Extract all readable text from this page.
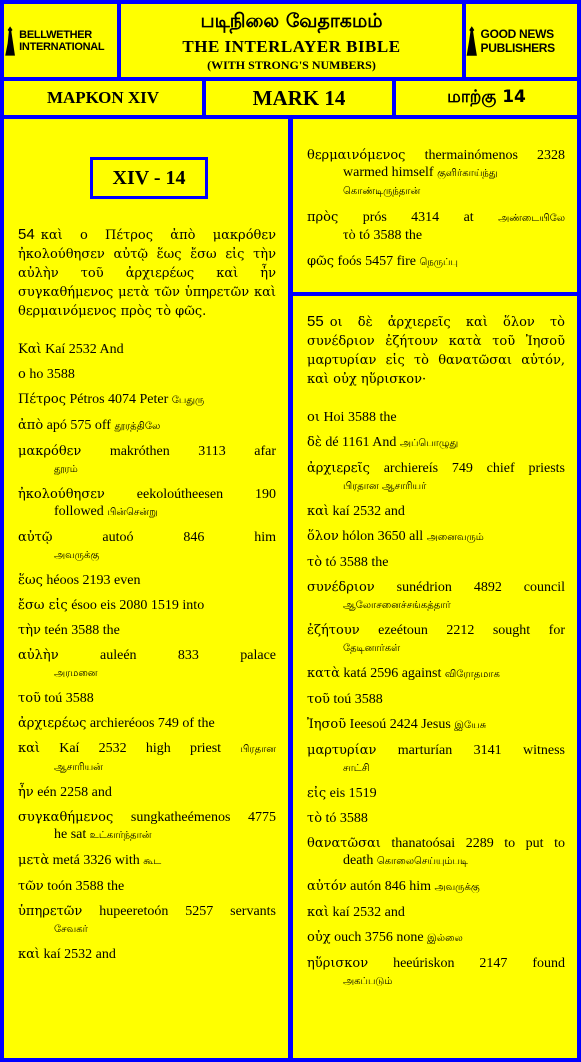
BELLWETHER INTERNATIONAL
படிநிலை வேதாகமம்
THE INTERLAYER BIBLE
(WITH STRONG'S NUMBERS)
GOOD NEWS PUBLISHERS
ΜΑΡΚΟΝ XIV	MARK 14	மாற்கு 14
XIV - 14
54 καὶ ο Πέτρος ἀπὸ μακρόθεν ἠκολούθησεν αὐτῷ ἕως ἔσω εἰς τὴν αὐλὴν τοῦ ἀρχιερέως καὶ ἦν συγκαθήμενος μετὰ τῶν ὑπηρετῶν καὶ θερμαινόμενος πρὸς τὸ φῶς.

Καὶ Kaí 2532 And

ο ho 3588

Πέτρος Pétros 4074 Peter பேதுரு

ἀπὸ apó 575 off தூரத்திலே

μακρόθεν makróthen 3113 afar

தூரம்

ἠκολούθησεν eekoloútheesen 190

followed பின்சென்று

αὐτῷ	autoó 846 him

அவருக்கு

ἕως héoos 2193 even

ἔσω εἰς ésoo eis 2080 1519 into

τὴν teén 3588 the

αὐλὴν	auleén 833 palace

அரமனை

τοῦ toú 3588

ἀρχιερέως archieréoos 749 of the

καὶ Kaí 2532 high priest பிரதான

ஆசாரியன்

ἦν eén 2258 and

συγκαθήμενος sungkatheémenos 4775

he sat உட்கார்ந்தான்

μετὰ metá 3326 with கூட

τῶν toón 3588 the

ὑπηρετῶν hupeeretoón 5257 servants

சேவகர்

καὶ kaí 2532 and

θερμαινόμενος thermainómenos 2328

warmed himself குளிர்காய்ந்து கொண்டிருந்தான்

πρὸς prós 4314 at அண்டையிலே

τὸ tó 3588 the

φῶς foós 5457 fire நெருப்பு

55 οι δὲ ἀρχιερεῖς καὶ ὅλον τὸ συνέδριον ἐζήτουν κατὰ τοῦ Ἰησοῦ μαρτυρίαν εἰς τὸ θανατῶσαι αὐτόν, καὶ οὐχ ηὕρισκον·

οι Hoi 3588 the

δὲ dé 1161 And அப்பொழுது

ἀρχιερεῖς archiereís 749 chief priests

பிரதான ஆசாரியர்

καὶ kaí 2532 and

ὅλον hólon 3650 all அனைவரும்

τὸ tó 3588 the

συνέδριον sunédrion 4892 council

ஆலோசனைச்சங்கத்தார்

ἐζήτουν ezeétoun 2212 sought for

தேடினார்கள்

κατὰ katá 2596 against விரோதமாக

τοῦ toú 3588

Ἰησοῦ Ieesoú 2424 Jesus இயேசு

μαρτυρίαν marturían 3141 witness

சாட்சி

εἰς eis 1519

τὸ tó 3588

θανατῶσαι thanatoósai 2289 to put to

death கொலைசெய்யும்படி

αὐτόν autón 846 him அவருக்கு

καὶ kaí 2532 and

οὐχ ouch 3756 none இல்லை

ηὕρισκον heeúriskon 2147 found

அகப்படும்
